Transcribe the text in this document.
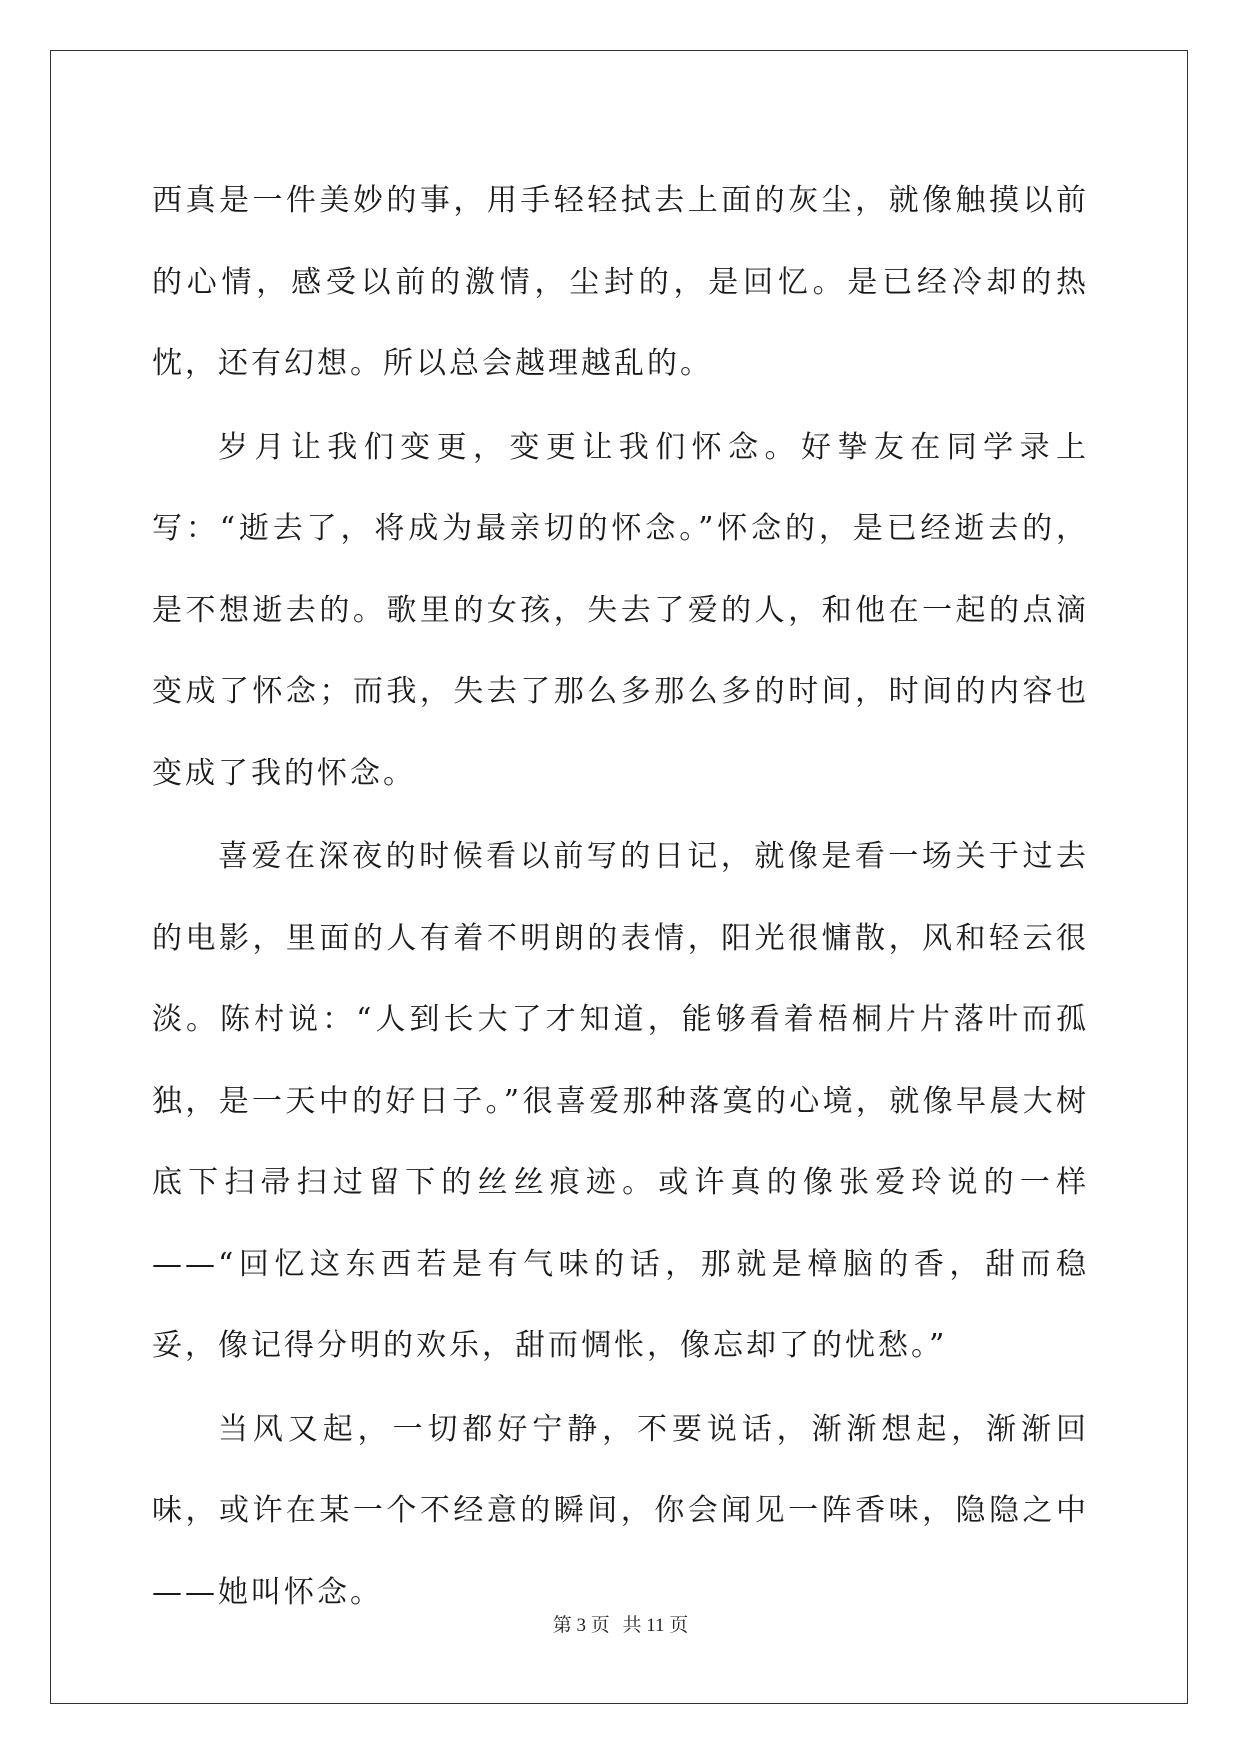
西真是一件美妙的事，用手轻轻拭去上面的灰尘，就像触摸以前的心情，感受以前的激情，尘封的，是回忆。是已经冷却的热忱，还有幻想。所以总会越理越乱的。

岁月让我们变更，变更让我们怀念。好挚友在同学录上写：“逝去了，将成为最亲切的怀念。”怀念的，是已经逝去的，是不想逝去的。歌里的女孩，失去了爱的人，和他在一起的点滴变成了怀念；而我，失去了那么多那么多的时间，时间的内容也变成了我的怀念。

喜爱在深夜的时候看以前写的日记，就像是看一场关于过去的电影，里面的人有着不明朗的表情，阳光很慵散，风和轻云很淡。陈村说：“人到长大了才知道，能够看着梧桐片片落叶而孤独，是一天中的好日子。”很喜爱那种落寞的心境，就像早晨大树底下扫帚扫过留下的丝丝痕迹。或许真的像张爱玲说的一样——“回忆这东西若是有气味的话，那就是樟脑的香，甜而稳妥，像记得分明的欢乐，甜而惆怅，像忘却了的忧愁。”

当风又起，一切都好宁静，不要说话，渐渐想起，渐渐回味，或许在某一个不经意的瞬间，你会闻见一阵香味，隐隐之中——她叫怀念。

第 3 页 共 11 页
